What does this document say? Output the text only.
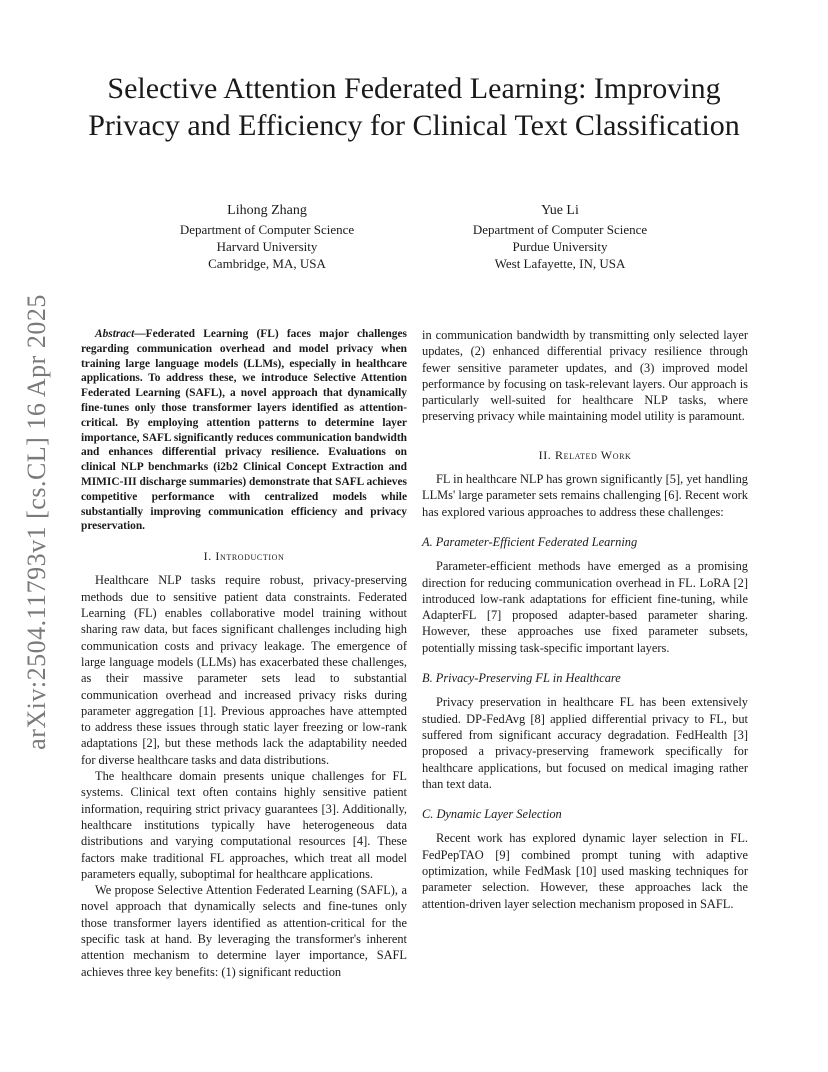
arXiv:2504.11793v1 [cs.CL] 16 Apr 2025
Selective Attention Federated Learning: Improving Privacy and Efficiency for Clinical Text Classification
Lihong Zhang
Department of Computer Science
Harvard University
Cambridge, MA, USA
Yue Li
Department of Computer Science
Purdue University
West Lafayette, IN, USA

Abstract—Federated Learning (FL) faces major challenges regarding communication overhead and model privacy when training large language models (LLMs), especially in healthcare applications. To address these, we introduce Selective Attention Federated Learning (SAFL), a novel approach that dynamically fine-tunes only those transformer layers identified as attention-critical. By employing attention patterns to determine layer importance, SAFL significantly reduces communication bandwidth and enhances differential privacy resilience. Evaluations on clinical NLP benchmarks (i2b2 Clinical Concept Extraction and MIMIC-III discharge summaries) demonstrate that SAFL achieves competitive performance with centralized models while substantially improving communication efficiency and privacy preservation.

I. Introduction

Healthcare NLP tasks require robust, privacy-preserving methods due to sensitive patient data constraints. Federated Learning (FL) enables collaborative model training without sharing raw data, but faces significant challenges including high communication costs and privacy leakage. The emergence of large language models (LLMs) has exacerbated these challenges, as their massive parameter sets lead to substantial communication overhead and increased privacy risks during parameter aggregation [1]. Previous approaches have attempted to address these issues through static layer freezing or low-rank adaptations [2], but these methods lack the adaptability needed for diverse healthcare tasks and data distributions.

The healthcare domain presents unique challenges for FL systems. Clinical text often contains highly sensitive patient information, requiring strict privacy guarantees [3]. Additionally, healthcare institutions typically have heterogeneous data distributions and varying computational resources [4]. These factors make traditional FL approaches, which treat all model parameters equally, suboptimal for healthcare applications.

We propose Selective Attention Federated Learning (SAFL), a novel approach that dynamically selects and fine-tunes only those transformer layers identified as attention-critical for the specific task at hand. By leveraging the transformer's inherent attention mechanism to determine layer importance, SAFL achieves three key benefits: (1) significant reduction

in communication bandwidth by transmitting only selected layer updates, (2) enhanced differential privacy resilience through fewer sensitive parameter updates, and (3) improved model performance by focusing on task-relevant layers. Our approach is particularly well-suited for healthcare NLP tasks, where preserving privacy while maintaining model utility is paramount.

II. Related Work

FL in healthcare NLP has grown significantly [5], yet handling LLMs' large parameter sets remains challenging [6]. Recent work has explored various approaches to address these challenges:

A. Parameter-Efficient Federated Learning

Parameter-efficient methods have emerged as a promising direction for reducing communication overhead in FL. LoRA [2] introduced low-rank adaptations for efficient fine-tuning, while AdapterFL [7] proposed adapter-based parameter sharing. However, these approaches use fixed parameter subsets, potentially missing task-specific important layers.

B. Privacy-Preserving FL in Healthcare

Privacy preservation in healthcare FL has been extensively studied. DP-FedAvg [8] applied differential privacy to FL, but suffered from significant accuracy degradation. FedHealth [3] proposed a privacy-preserving framework specifically for healthcare applications, but focused on medical imaging rather than text data.

C. Dynamic Layer Selection

Recent work has explored dynamic layer selection in FL. FedPepTAO [9] combined prompt tuning with adaptive optimization, while FedMask [10] used masking techniques for parameter selection. However, these approaches lack the attention-driven layer selection mechanism proposed in SAFL.
